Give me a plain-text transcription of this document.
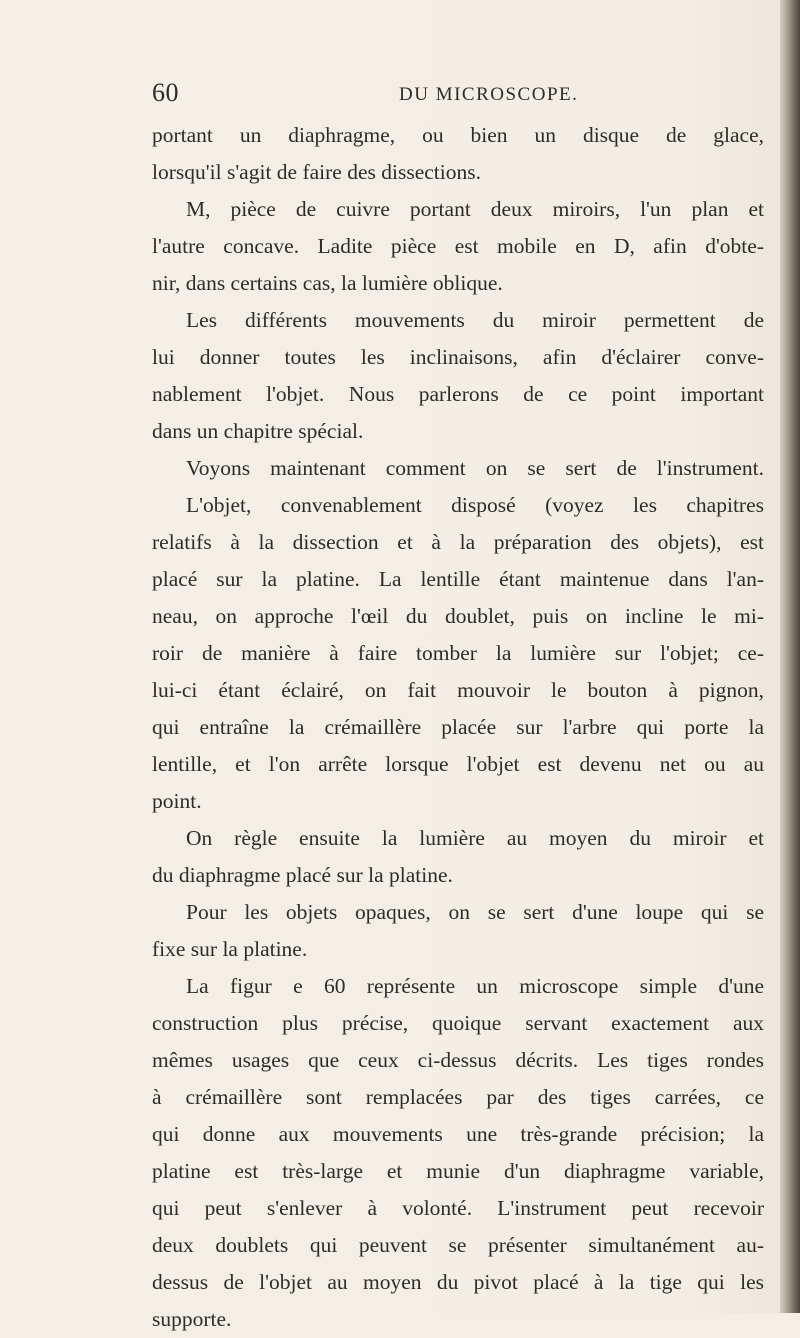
60	DU MICROSCOPE.
portant un diaphragme, ou bien un disque de glace,
lorsqu'il s'agit de faire des dissections.
M, pièce de cuivre portant deux miroirs, l'un plan et
l'autre concave. Ladite pièce est mobile en D, afin d'obte-
nir, dans certains cas, la lumière oblique.
Les différents mouvements du miroir permettent de
lui donner toutes les inclinaisons, afin d'éclairer conve-
nablement l'objet. Nous parlerons de ce point important
dans un chapitre spécial.
Voyons maintenant comment on se sert de l'instrument.
L'objet, convenablement disposé (voyez les chapitres
relatifs à la dissection et à la préparation des objets), est
placé sur la platine. La lentille étant maintenue dans l'an-
neau, on approche l'œil du doublet, puis on incline le mi-
roir de manière à faire tomber la lumière sur l'objet; ce-
lui-ci étant éclairé, on fait mouvoir le bouton à pignon,
qui entraîne la crémaillère placée sur l'arbre qui porte la
lentille, et l'on arrête lorsque l'objet est devenu net ou au
point.
On règle ensuite la lumière au moyen du miroir et
du diaphragme placé sur la platine.
Pour les objets opaques, on se sert d'une loupe qui se
fixe sur la platine.
La figur e 60 représente un microscope simple d'une
construction plus précise, quoique servant exactement aux
mêmes usages que ceux ci-dessus décrits. Les tiges rondes
à crémaillère sont remplacées par des tiges carrées, ce
qui donne aux mouvements une très-grande précision; la
platine est très-large et munie d'un diaphragme variable,
qui peut s'enlever à volonté. L'instrument peut recevoir
deux doublets qui peuvent se présenter simultanément au-
dessus de l'objet au moyen du pivot placé à la tige qui les
supporte.
